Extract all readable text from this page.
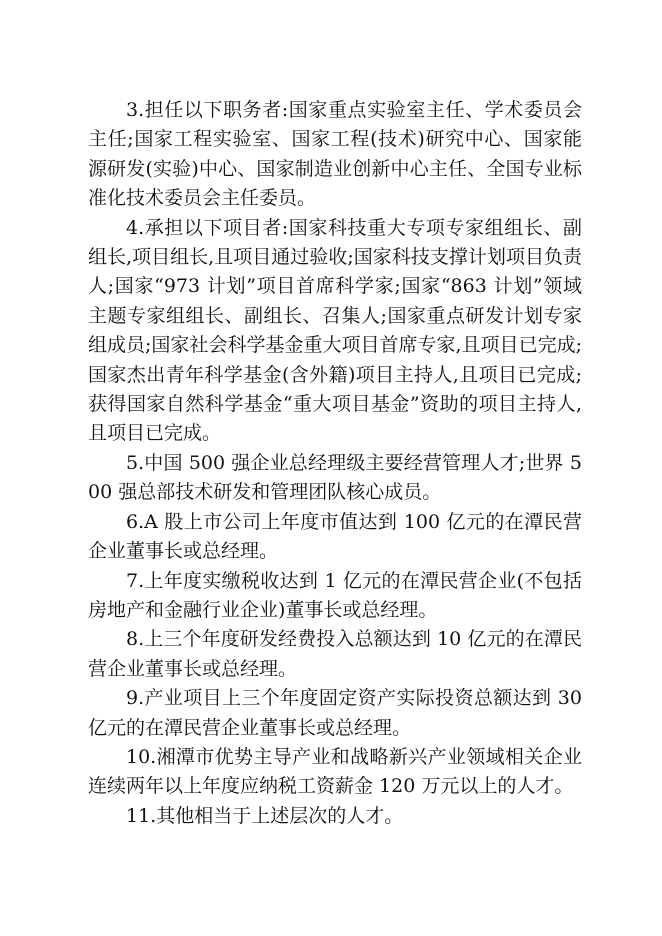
3.担任以下职务者:国家重点实验室主任、学术委员会主任;国家工程实验室、国家工程(技术)研究中心、国家能源研发(实验)中心、国家制造业创新中心主任、全国专业标准化技术委员会主任委员。

4.承担以下项目者:国家科技重大专项专家组组长、副组长,项目组长,且项目通过验收;国家科技支撑计划项目负责人;国家“973 计划”项目首席科学家;国家“863 计划”领域主题专家组组长、副组长、召集人;国家重点研发计划专家组成员;国家社会科学基金重大项目首席专家,且项目已完成;国家杰出青年科学基金(含外籍)项目主持人,且项目已完成;获得国家自然科学基金“重大项目基金”资助的项目主持人,且项目已完成。

5.中国 500 强企业总经理级主要经营管理人才;世界 500 强总部技术研发和管理团队核心成员。

6.A 股上市公司上年度市值达到 100 亿元的在潭民营企业董事长或总经理。

7.上年度实缴税收达到 1 亿元的在潭民营企业(不包括房地产和金融行业企业)董事长或总经理。

8.上三个年度研发经费投入总额达到 10 亿元的在潭民营企业董事长或总经理。

9.产业项目上三个年度固定资产实际投资总额达到 30 亿元的在潭民营企业董事长或总经理。

10.湘潭市优势主导产业和战略新兴产业领域相关企业连续两年以上年度应纳税工资薪金 120 万元以上的人才。

11.其他相当于上述层次的人才。
